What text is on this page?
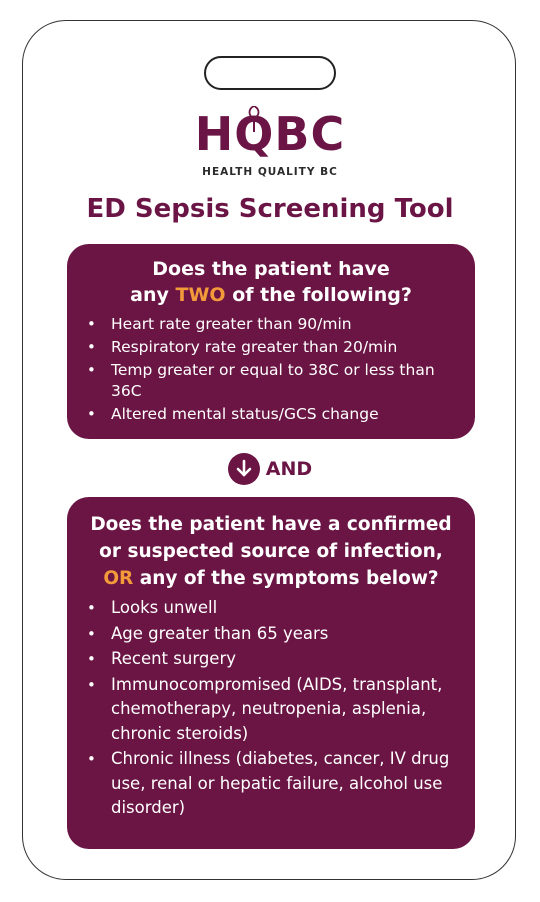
HQ
BC
HEALTH QUALITY BC
ED Sepsis Screening Tool
Does the patient have
any TWO of the following?
• Heart rate greater than 90/min
• Respiratory rate greater than 20/min
• Temp greater or equal to 38C or less than 36C
• Altered mental status/GCS change
AND
Does the patient have a confirmed
or suspected source of infection,
OR any of the symptoms below?
• Looks unwell
• Age greater than 65 years
• Recent surgery
• Immunocompromised (AIDS, transplant, chemotherapy, neutropenia, asplenia, chronic steroids)
• Chronic illness (diabetes, cancer, IV drug use, renal or hepatic failure, alcohol use disorder)
